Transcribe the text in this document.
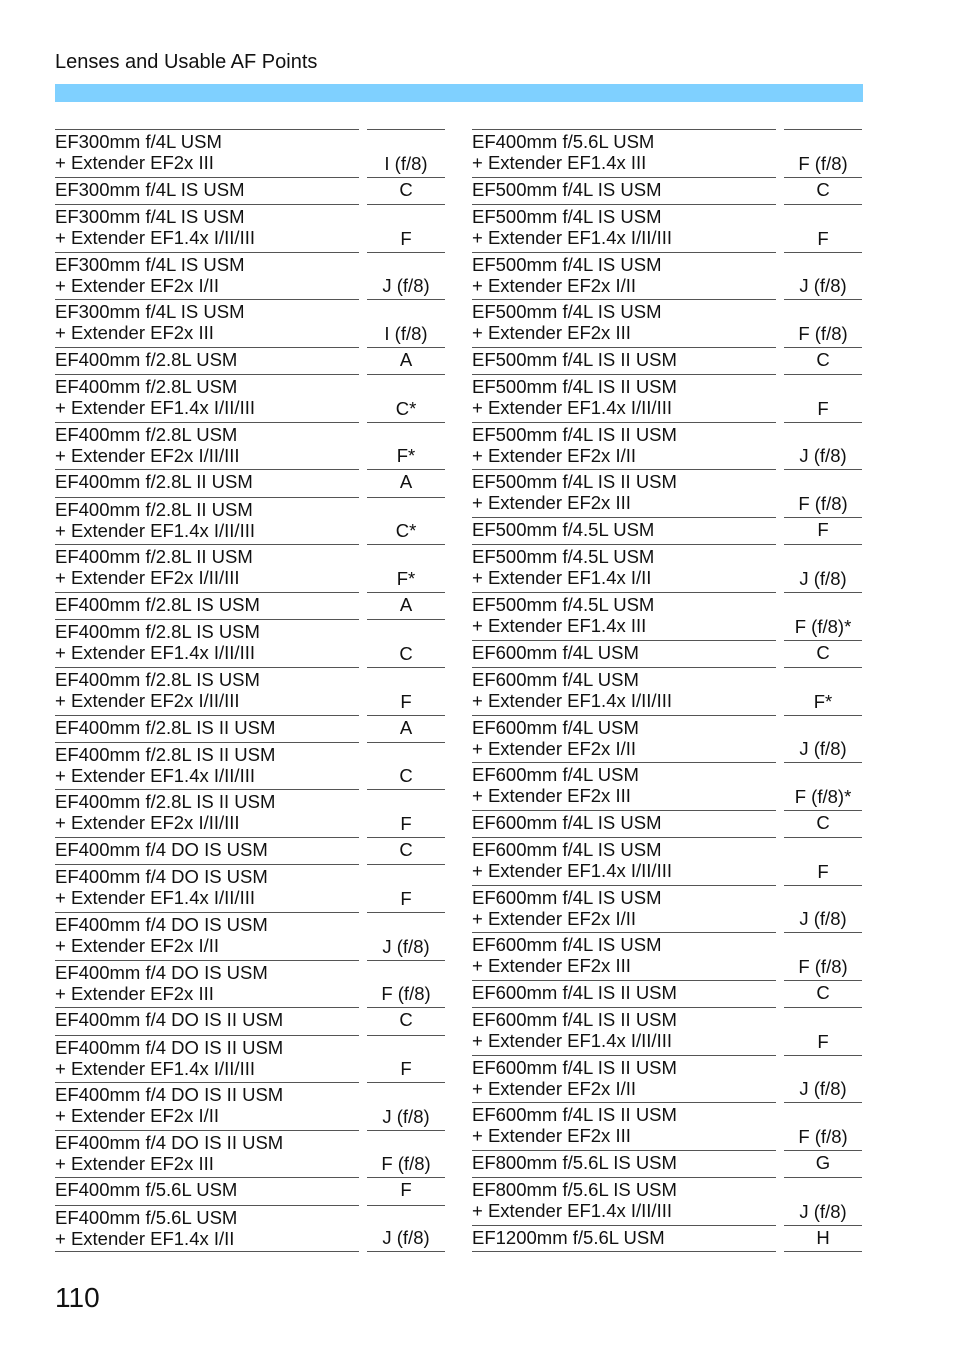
Lenses and Usable AF Points
EF300mm f/4L USM
+ Extender EF2x III	I (f/8)
EF300mm f/4L IS USM	C
EF300mm f/4L IS USM
+ Extender EF1.4x I/II/III	F
EF300mm f/4L IS USM
+ Extender EF2x I/II	J (f/8)
EF300mm f/4L IS USM
+ Extender EF2x III	I (f/8)
EF400mm f/2.8L USM	A
EF400mm f/2.8L USM
+ Extender EF1.4x I/II/III	C*
EF400mm f/2.8L USM
+ Extender EF2x I/II/III	F*
EF400mm f/2.8L II USM	A
EF400mm f/2.8L II USM
+ Extender EF1.4x I/II/III	C*
EF400mm f/2.8L II USM
+ Extender EF2x I/II/III	F*
EF400mm f/2.8L IS USM	A
EF400mm f/2.8L IS USM
+ Extender EF1.4x I/II/III	C
EF400mm f/2.8L IS USM
+ Extender EF2x I/II/III	F
EF400mm f/2.8L IS II USM	A
EF400mm f/2.8L IS II USM
+ Extender EF1.4x I/II/III	C
EF400mm f/2.8L IS II USM
+ Extender EF2x I/II/III	F
EF400mm f/4 DO IS USM	C
EF400mm f/4 DO IS USM
+ Extender EF1.4x I/II/III	F
EF400mm f/4 DO IS USM
+ Extender EF2x I/II	J (f/8)
EF400mm f/4 DO IS USM
+ Extender EF2x III	F (f/8)
EF400mm f/4 DO IS II USM	C
EF400mm f/4 DO IS II USM
+ Extender EF1.4x I/II/III	F
EF400mm f/4 DO IS II USM
+ Extender EF2x I/II	J (f/8)
EF400mm f/4 DO IS II USM
+ Extender EF2x III	F (f/8)
EF400mm f/5.6L USM	F
EF400mm f/5.6L USM
+ Extender EF1.4x I/II	J (f/8)
EF400mm f/5.6L USM
+ Extender EF1.4x III	F (f/8)
EF500mm f/4L IS USM	C
EF500mm f/4L IS USM
+ Extender EF1.4x I/II/III	F
EF500mm f/4L IS USM
+ Extender EF2x I/II	J (f/8)
EF500mm f/4L IS USM
+ Extender EF2x III	F (f/8)
EF500mm f/4L IS II USM	C
EF500mm f/4L IS II USM
+ Extender EF1.4x I/II/III	F
EF500mm f/4L IS II USM
+ Extender EF2x I/II	J (f/8)
EF500mm f/4L IS II USM
+ Extender EF2x III	F (f/8)
EF500mm f/4.5L USM	F
EF500mm f/4.5L USM
+ Extender EF1.4x I/II	J (f/8)
EF500mm f/4.5L USM
+ Extender EF1.4x III	F (f/8)*
EF600mm f/4L USM	C
EF600mm f/4L USM
+ Extender EF1.4x I/II/III	F*
EF600mm f/4L USM
+ Extender EF2x I/II	J (f/8)
EF600mm f/4L USM
+ Extender EF2x III	F (f/8)*
EF600mm f/4L IS USM	C
EF600mm f/4L IS USM
+ Extender EF1.4x I/II/III	F
EF600mm f/4L IS USM
+ Extender EF2x I/II	J (f/8)
EF600mm f/4L IS USM
+ Extender EF2x III	F (f/8)
EF600mm f/4L IS II USM	C
EF600mm f/4L IS II USM
+ Extender EF1.4x I/II/III	F
EF600mm f/4L IS II USM
+ Extender EF2x I/II	J (f/8)
EF600mm f/4L IS II USM
+ Extender EF2x III	F (f/8)
EF800mm f/5.6L IS USM	G
EF800mm f/5.6L IS USM
+ Extender EF1.4x I/II/III	J (f/8)
EF1200mm f/5.6L USM	H
110
